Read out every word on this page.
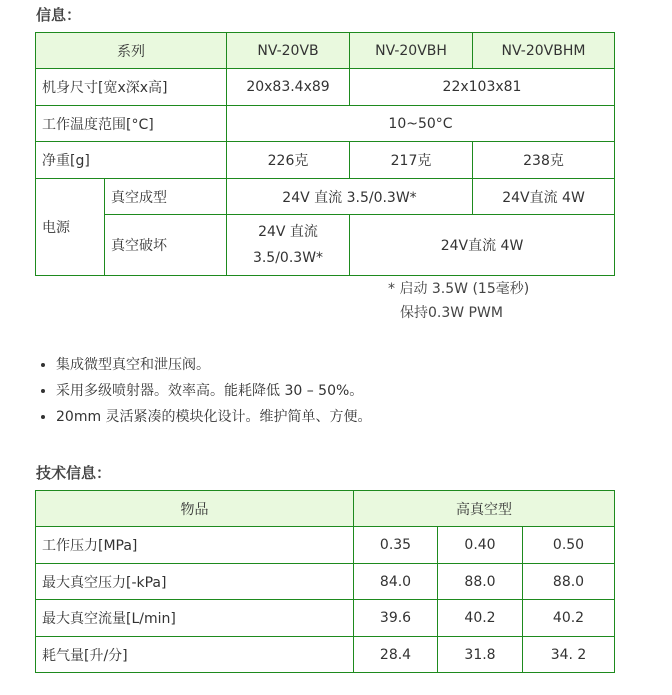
信息：
系列		NV-20VB	NV-20VBH	NV-20VBHM
机身尺寸[宽x深x高]		20x83.4x89	22x103x81	
工作温度范围[°C]		10~50°C		
净重[g]		226克	217克	238克
电源	真空成型	24V 直流 3.5/0.3W*		24V直流 4W
	真空破坏	24V 直流
3.5/0.3W*	24V直流 4W	
* 启动 3.5W (15毫秒)
保持0.3W PWM
• 集成微型真空和泄压阀。
• 采用多级喷射器。效率高。能耗降低 30 – 50%。
• 20mm 灵活紧凑的模块化设计。维护简单、方便。
技术信息：
物品	高真空型		
工作压力[MPa]	0.35	0.40	0.50
最大真空压力[-kPa]	84.0	88.0	88.0
最大真空流量[L/min]	39.6	40.2	40.2
耗气量[升/分]	28.4	31.8	34. 2
